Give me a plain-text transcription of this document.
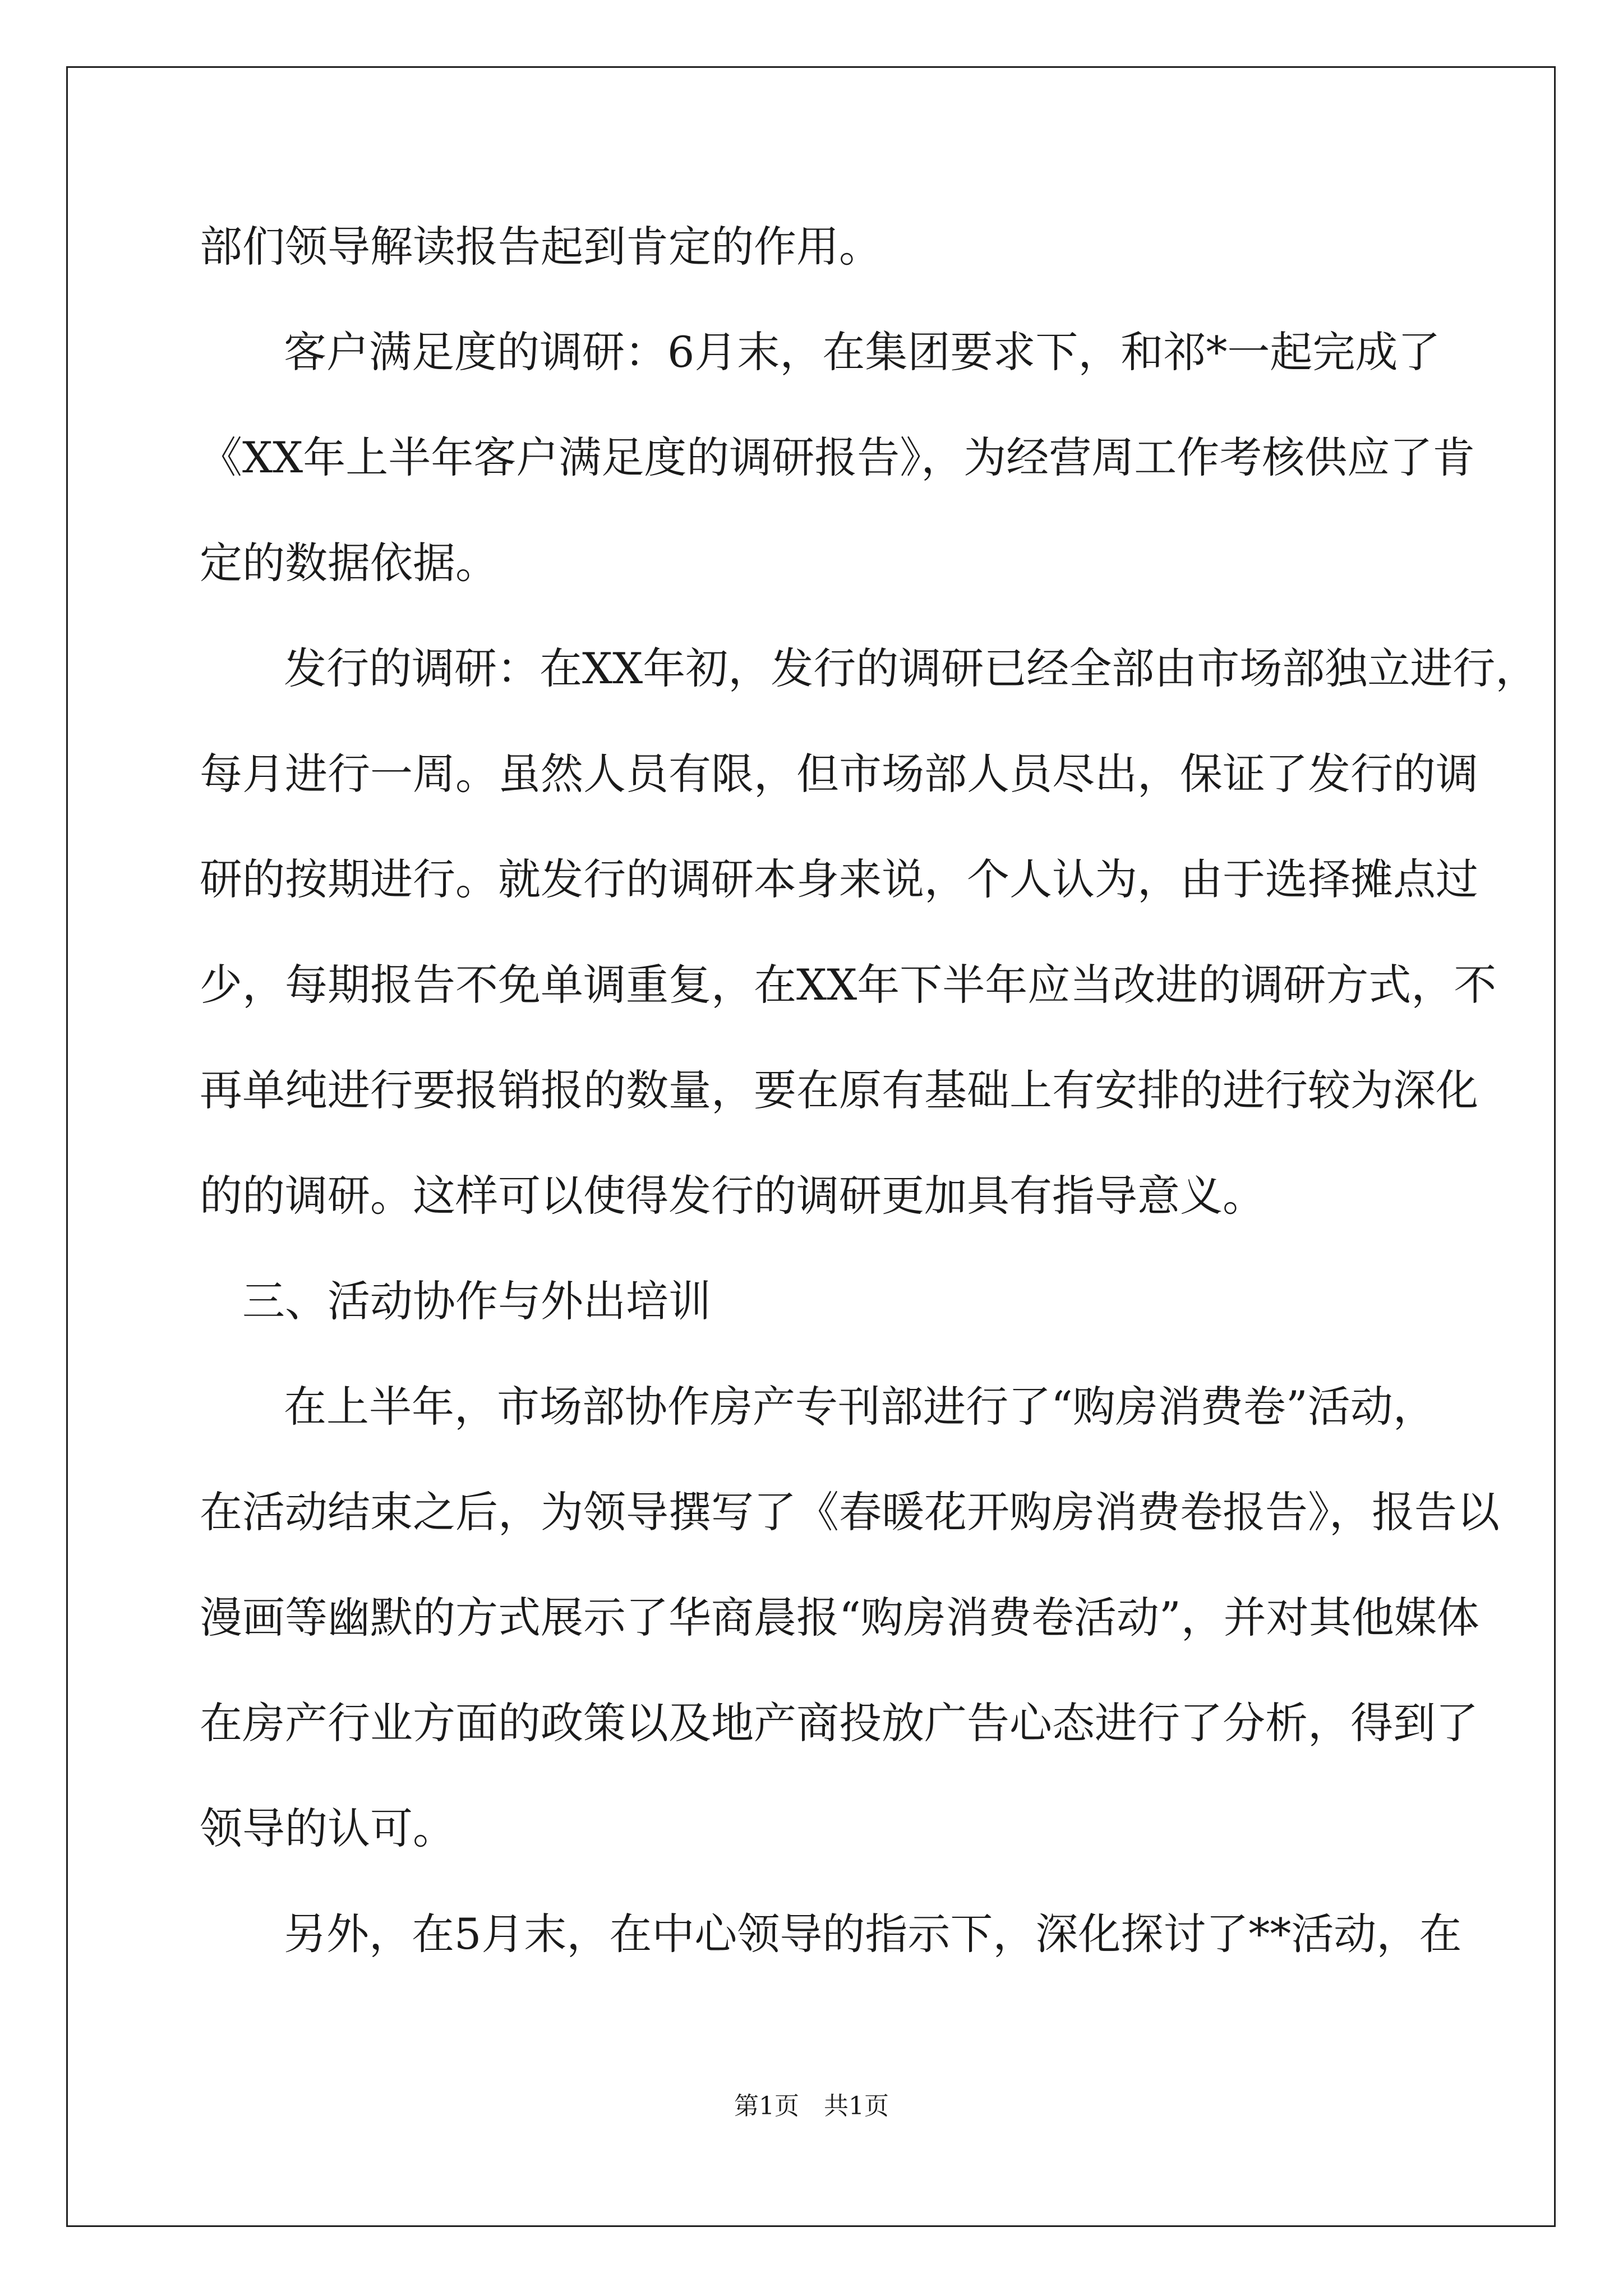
部们领导解读报告起到肯定的作用。
客户满足度的调研：6月末，在集团要求下，和祁*一起完成了
《XX年上半年客户满足度的调研报告》，为经营周工作考核供应了肯
定的数据依据。
发行的调研：在XX年初，发行的调研已经全部由市场部独立进行，
每月进行一周。虽然人员有限，但市场部人员尽出，保证了发行的调
研的按期进行。就发行的调研本身来说，个人认为，由于选择摊点过
少，每期报告不免单调重复，在XX年下半年应当改进的调研方式，不
再单纯进行要报销报的数量，要在原有基础上有安排的进行较为深化
的的调研。这样可以使得发行的调研更加具有指导意义。
三、活动协作与外出培训
在上半年，市场部协作房产专刊部进行了“购房消费卷”活动，
在活动结束之后，为领导撰写了《春暖花开购房消费卷报告》，报告以
漫画等幽默的方式展示了华商晨报“购房消费卷活动”，并对其他媒体
在房产行业方面的政策以及地产商投放广告心态进行了分析，得到了
领导的认可。
另外，在5月末，在中心领导的指示下，深化探讨了**活动，在
第1页　共1页
